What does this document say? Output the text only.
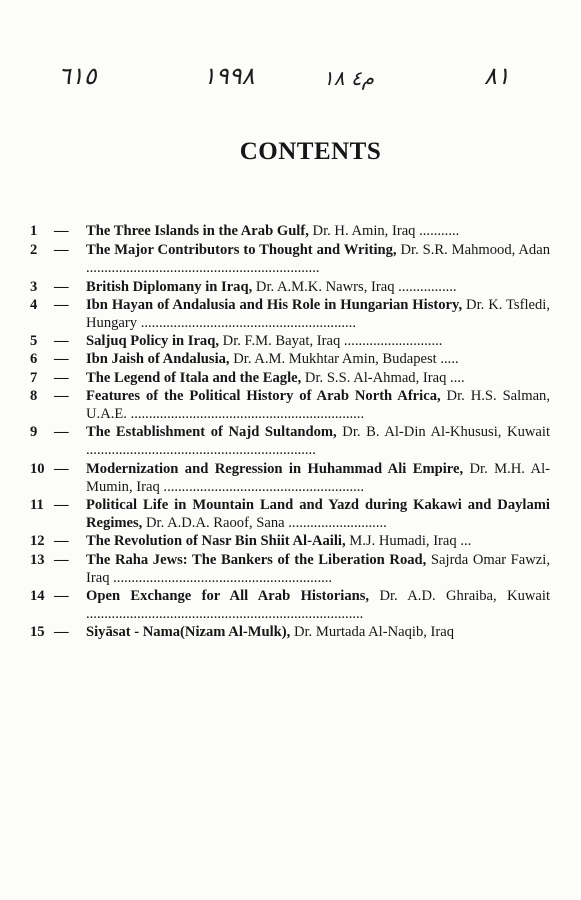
٦١٥	١٩٩٨	م٤ ١٨	٨١
CONTENTS
1	—	The Three Islands in the Arab Gulf, Dr. H. Amin, Iraq ...........
2	—	The Major Contributors to Thought and Writing, Dr. S.R. Mahmood, Adan ................................................................
3	—	British Diplomany in Iraq, Dr. A.M.K. Nawrs, Iraq ................
4	—	Ibn Hayan of Andalusia and His Role in Hungarian History, Dr. K. Tsfledi, Hungary ...........................................................
5	—	Saljuq Policy in Iraq, Dr. F.M. Bayat, Iraq ...........................
6	—	Ibn Jaish of Andalusia, Dr. A.M. Mukhtar Amin, Budapest .....
7	—	The Legend of Itala and the Eagle, Dr. S.S. Al-Ahmad, Iraq ....
8	—	Features of the Political History of Arab North Africa, Dr. H.S. Salman, U.A.E. ................................................................
9	—	The Establishment of Najd Sultandom, Dr. B. Al-Din Al-Khususi, Kuwait ...............................................................
10 —	Modernization and Regression in Huhammad Ali Empire, Dr. M.H. Al-Mumin, Iraq .......................................................
11 —	Political Life in Mountain Land and Yazd during Kakawi and Daylami Regimes, Dr. A.D.A. Raoof, Sana ...........................
12 —	The Revolution of Nasr Bin Shiit Al-Aaili, M.J. Humadi, Iraq ...
13 —	The Raha Jews: The Bankers of the Liberation Road, Sajrda Omar Fawzi, Iraq ............................................................
14 —	Open Exchange for All Arab Historians, Dr. A.D. Ghraiba, Kuwait ............................................................................
15 —	Siyāsat - Nama(Nizam Al-Mulk), Dr. Murtada Al-Naqib, Iraq
